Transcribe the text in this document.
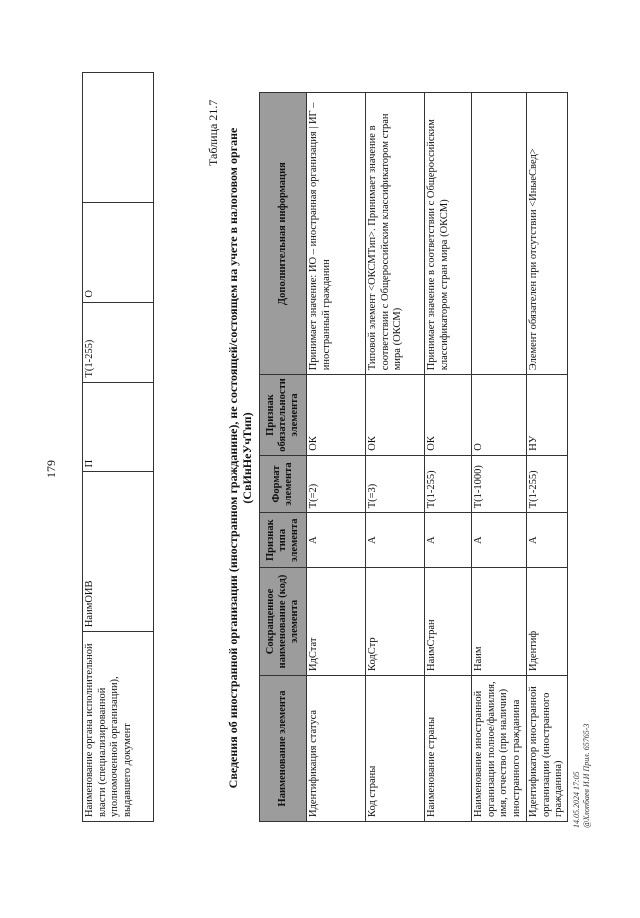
179
Наименование органа исполнительной власти (специализированной уполномоченной организации), выдавшего документ	НаимОИВ	П	T(1-255)	О	
Таблица 21.7 Сведения об иностранной организации (иностранном гражданине), не состоящей/состоящем на учете в налоговом органе (СвИнНеУчТип)
Наименование элемента	Сокращенное наименование (код) элемента	Признак типа элемента	Формат элемента	Признак обязательности элемента	Дополнительная информация
Идентификация статуса	ИдСтат	А	T(=2)	ОК	Принимает значение: ИО – иностранная организация | ИГ – иностранный гражданин
Код страны	КодСтр	А	T(=3)	ОК	Типовой элемент <ОКСМТип>. Принимает значение в соответствии с Общероссийским классификатором стран мира (ОКСМ)
Наименование страны	НаимСтран	А	T(1-255)	ОК	Принимает значение в соответствии с Общероссийским классификатором стран мира (ОКСМ)
Наименование иностранной организации полное/фамилия, имя, отчество (при наличии) иностранного гражданина	Наим	А	T(1-1000)	О	
Идентификатор иностранной организации (иностранного гражданина)	Идентиф	А	T(1-255)	НУ	Элемент обязателен при отсутствии <ИныеСвед>
14.05.2024 17:05 @Хлопбаев И.И Прил. 65765-3
